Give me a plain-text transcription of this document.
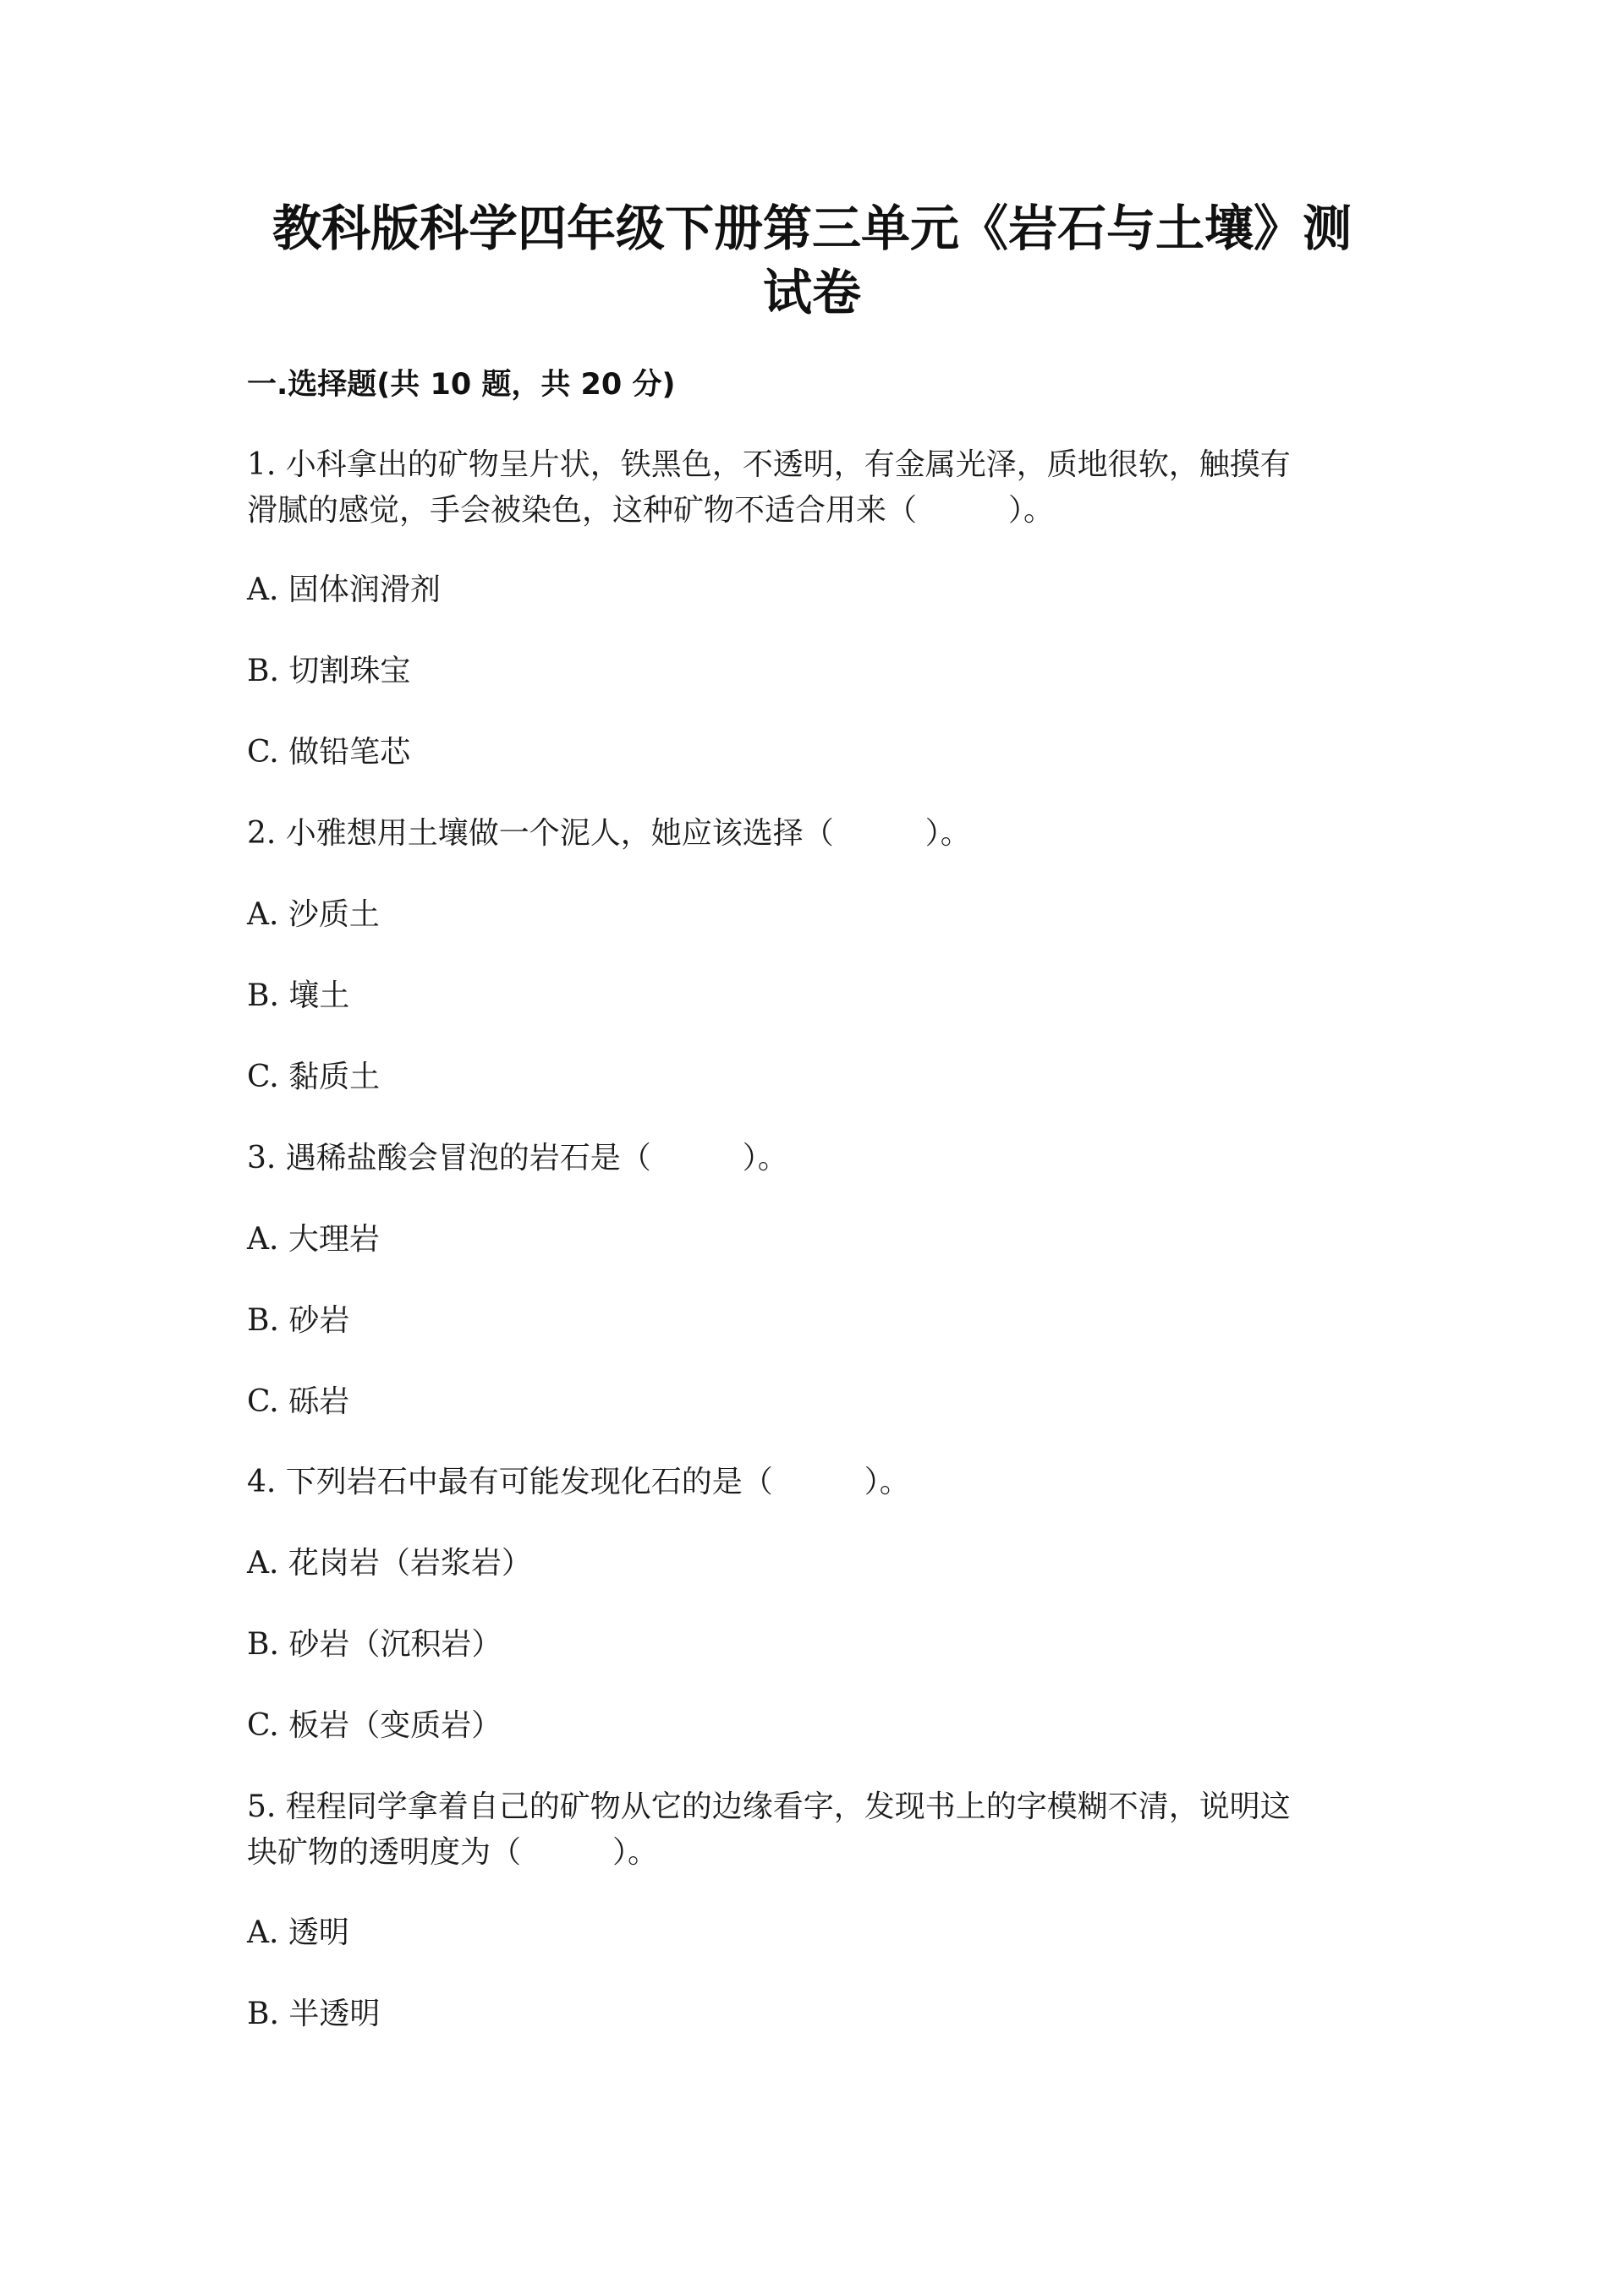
教科版科学四年级下册第三单元《岩石与土壤》测
试卷
一.选择题(共 10 题，共 20 分)

1. 小科拿出的矿物呈片状，铁黑色，不透明，有金属光泽，质地很软，触摸有

滑腻的感觉，手会被染色，这种矿物不适合用来（　　　）。

A. 固体润滑剂

B. 切割珠宝

C. 做铅笔芯

2. 小雅想用土壤做一个泥人，她应该选择（　　　）。

A. 沙质土

B. 壤土

C. 黏质土

3. 遇稀盐酸会冒泡的岩石是（　　　）。

A. 大理岩

B. 砂岩

C. 砾岩

4. 下列岩石中最有可能发现化石的是（　　　）。

A. 花岗岩（岩浆岩）

B. 砂岩（沉积岩）

C. 板岩（变质岩）

5. 程程同学拿着自己的矿物从它的边缘看字，发现书上的字模糊不清，说明这

块矿物的透明度为（　　　）。

A. 透明

B. 半透明
